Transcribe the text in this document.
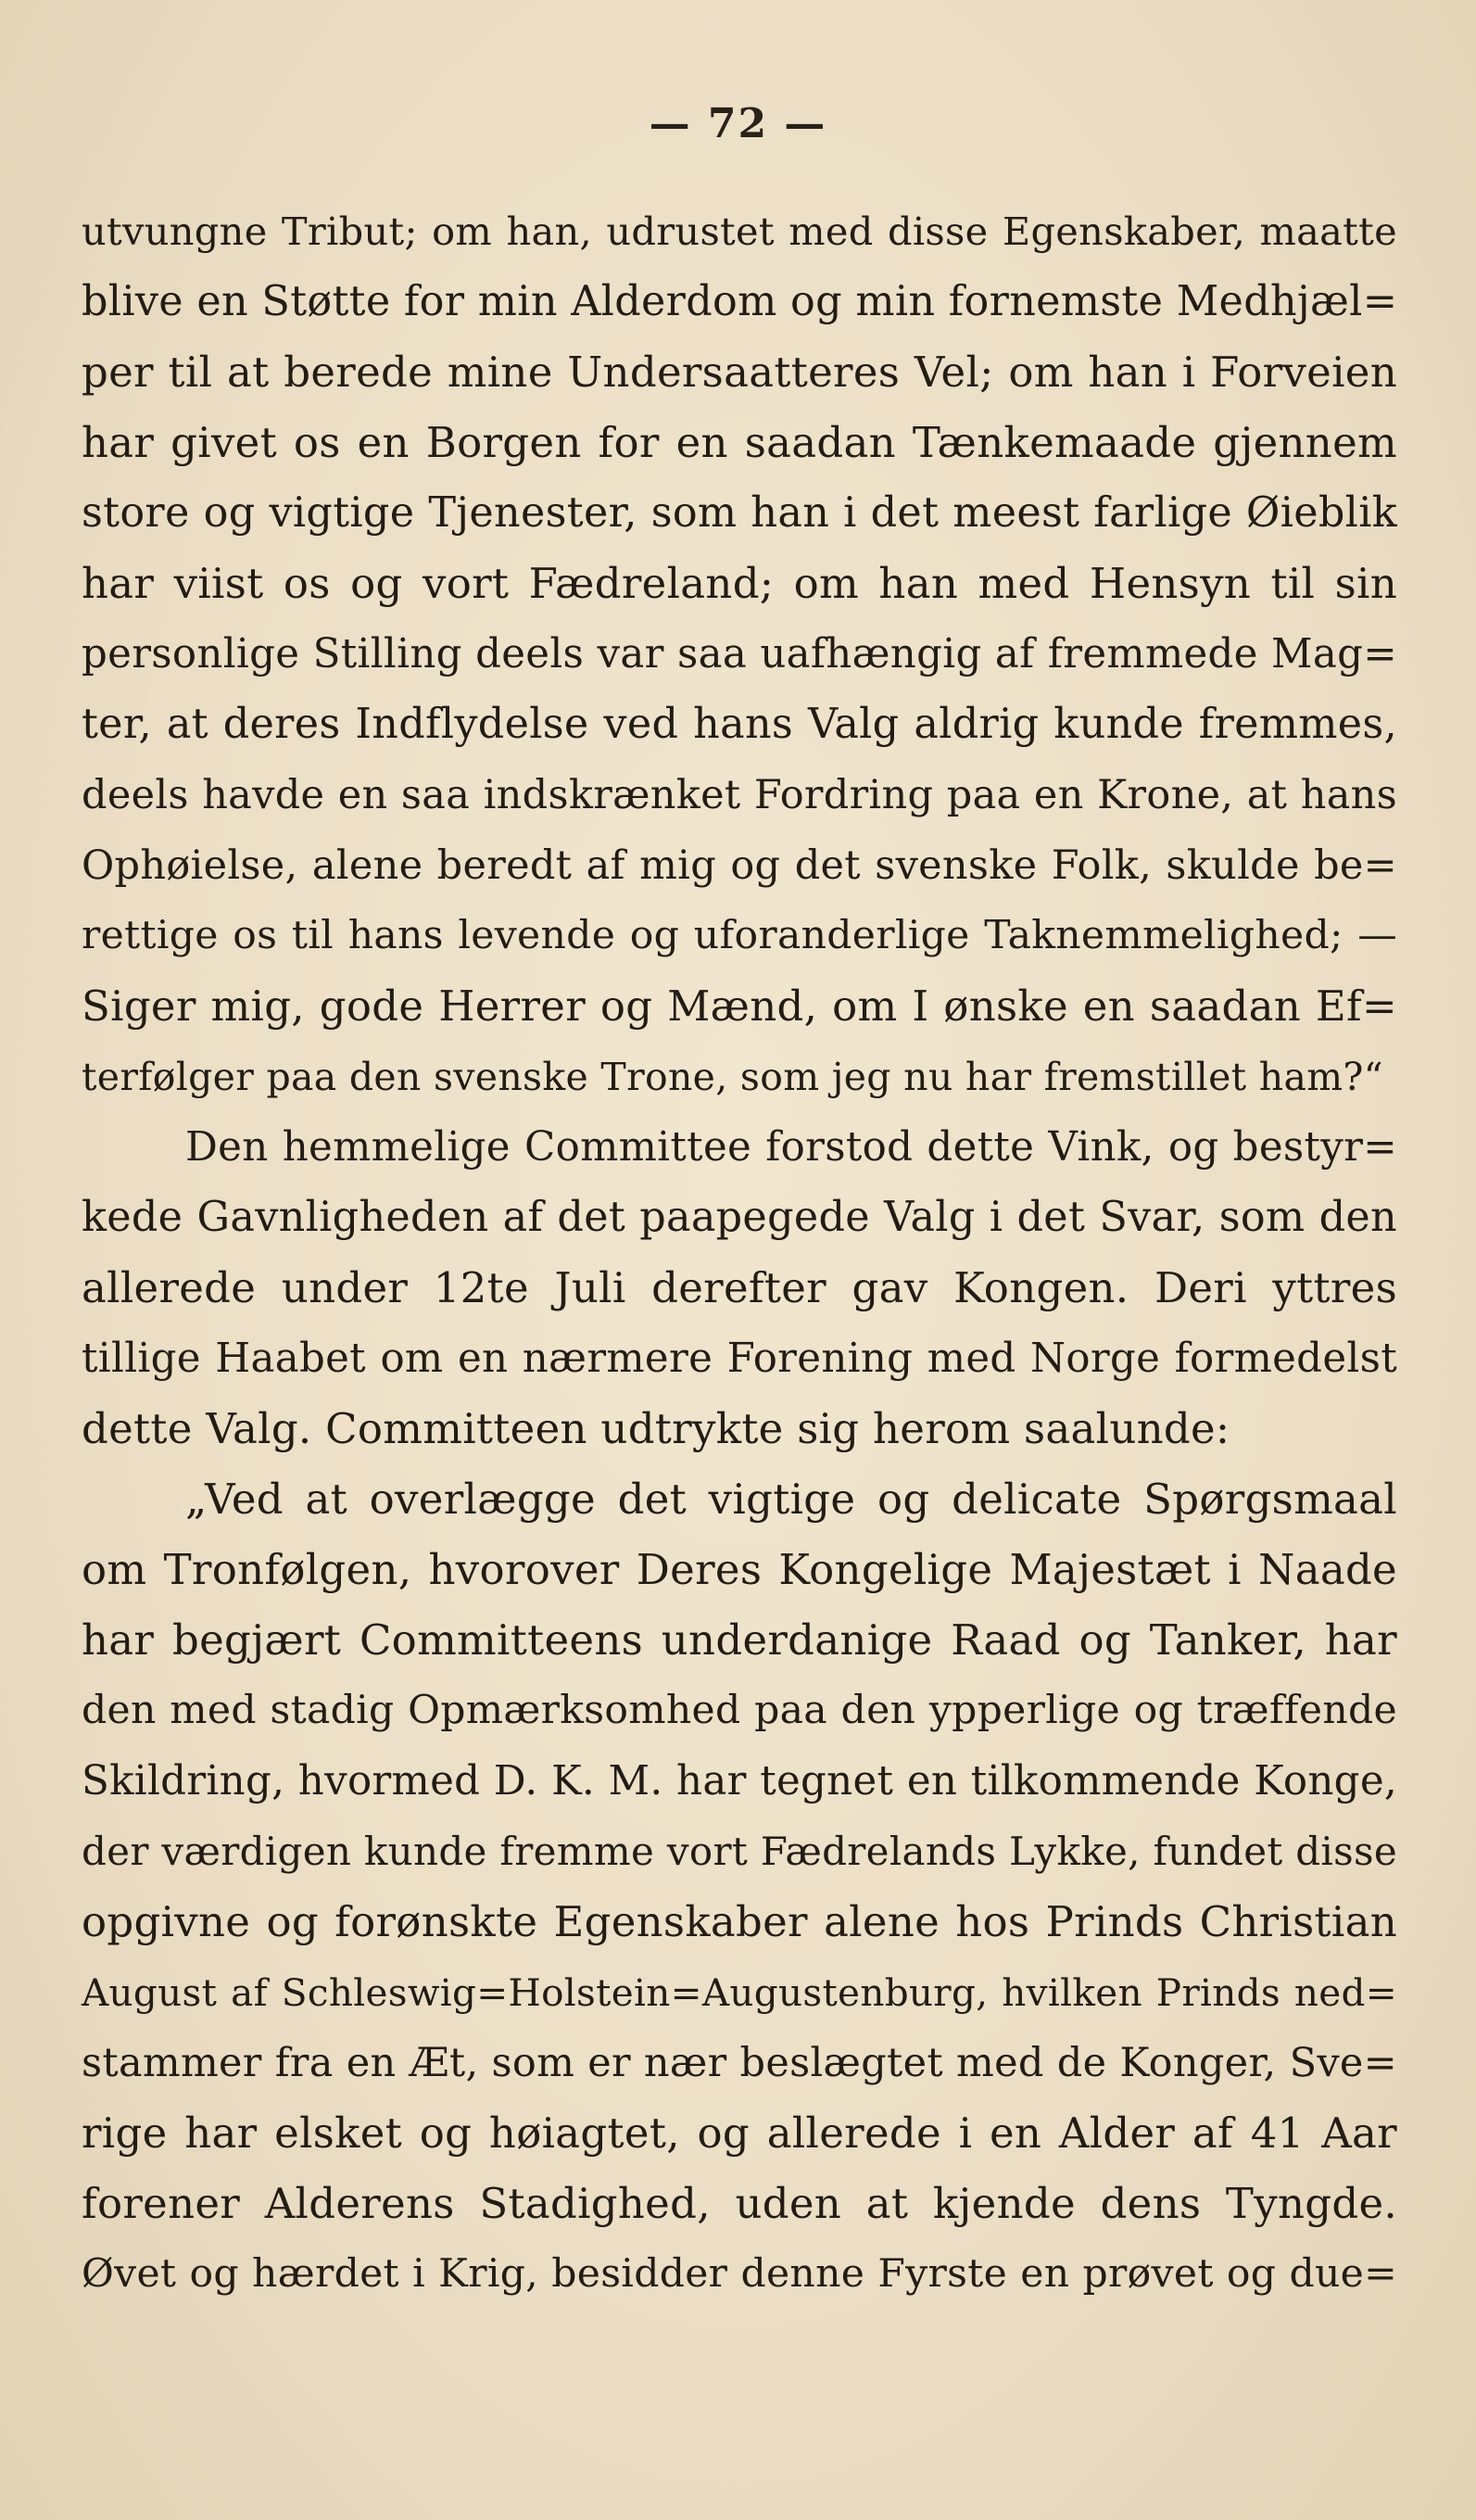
— 72 —
utvungne Tribut; om han, udrustet med disse Egenskaber, maatte
blive en Støtte for min Alderdom og min fornemste Medhjæl=
per til at berede mine Undersaatteres Vel; om han i Forveien
har givet os en Borgen for en saadan Tænkemaade gjennem
store og vigtige Tjenester, som han i det meest farlige Øieblik
har viist os og vort Fædreland; om han med Hensyn til sin
personlige Stilling deels var saa uafhængig af fremmede Mag=
ter, at deres Indflydelse ved hans Valg aldrig kunde fremmes,
deels havde en saa indskrænket Fordring paa en Krone, at hans
Ophøielse, alene beredt af mig og det svenske Folk, skulde be=
rettige os til hans levende og uforanderlige Taknemmelighed; —
Siger mig, gode Herrer og Mænd, om I ønske en saadan Ef=
terfølger paa den svenske Trone, som jeg nu har fremstillet ham?“
Den hemmelige Committee forstod dette Vink, og bestyr=
kede Gavnligheden af det paapegede Valg i det Svar, som den
allerede under 12te Juli derefter gav Kongen. Deri yttres
tillige Haabet om en nærmere Forening med Norge formedelst
dette Valg. Committeen udtrykte sig herom saalunde:
„Ved at overlægge det vigtige og delicate Spørgsmaal
om Tronfølgen, hvorover Deres Kongelige Majestæt i Naade
har begjært Committeens underdanige Raad og Tanker, har
den med stadig Opmærksomhed paa den ypperlige og træffende
Skildring, hvormed D. K. M. har tegnet en tilkommende Konge,
der værdigen kunde fremme vort Fædrelands Lykke, fundet disse
opgivne og forønskte Egenskaber alene hos Prinds Christian
August af Schleswig=Holstein=Augustenburg, hvilken Prinds ned=
stammer fra en Æt, som er nær beslægtet med de Konger, Sve=
rige har elsket og høiagtet, og allerede i en Alder af 41 Aar
forener Alderens Stadighed, uden at kjende dens Tyngde.
Øvet og hærdet i Krig, besidder denne Fyrste en prøvet og due=
